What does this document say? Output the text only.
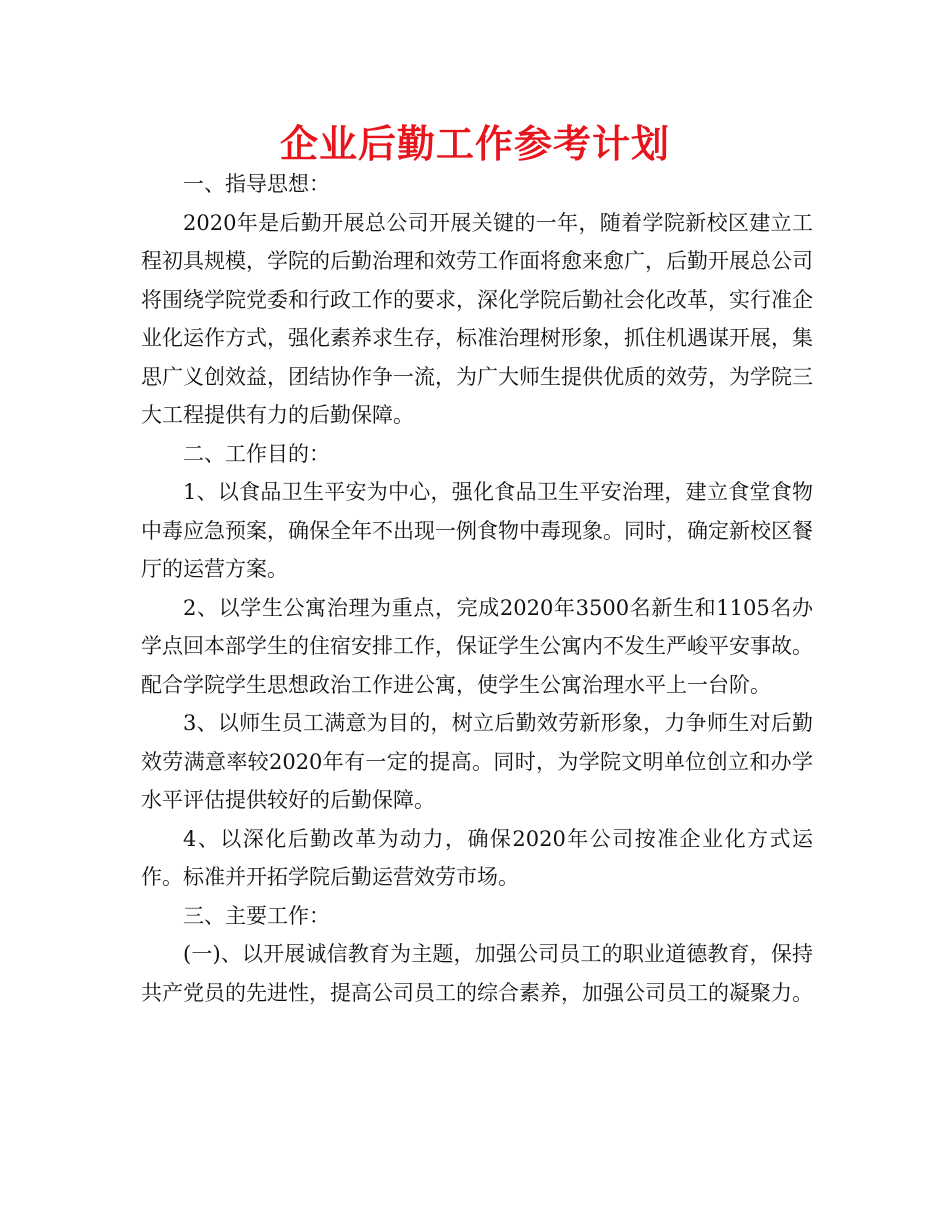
企业后勤工作参考计划

一、指导思想：

2020年是后勤开展总公司开展关键的一年，随着学院新校区建立工程初具规模，学院的后勤治理和效劳工作面将愈来愈广，后勤开展总公司将围绕学院党委和行政工作的要求，深化学院后勤社会化改革，实行准企业化运作方式，强化素养求生存，标准治理树形象，抓住机遇谋开展，集思广义创效益，团结协作争一流，为广大师生提供优质的效劳，为学院三大工程提供有力的后勤保障。

二、工作目的：

1、以食品卫生平安为中心，强化食品卫生平安治理，建立食堂食物中毒应急预案，确保全年不出现一例食物中毒现象。同时，确定新校区餐厅的运营方案。

2、以学生公寓治理为重点，完成2020年3500名新生和1105名办学点回本部学生的住宿安排工作，保证学生公寓内不发生严峻平安事故。配合学院学生思想政治工作进公寓，使学生公寓治理水平上一台阶。

3、以师生员工满意为目的，树立后勤效劳新形象，力争师生对后勤效劳满意率较2020年有一定的提高。同时，为学院文明单位创立和办学水平评估提供较好的后勤保障。

4、以深化后勤改革为动力，确保2020年公司按准企业化方式运作。标准并开拓学院后勤运营效劳市场。

三、主要工作：

(一)、以开展诚信教育为主题，加强公司员工的职业道德教育，保持共产党员的先进性，提高公司员工的综合素养，加强公司员工的凝聚力。
